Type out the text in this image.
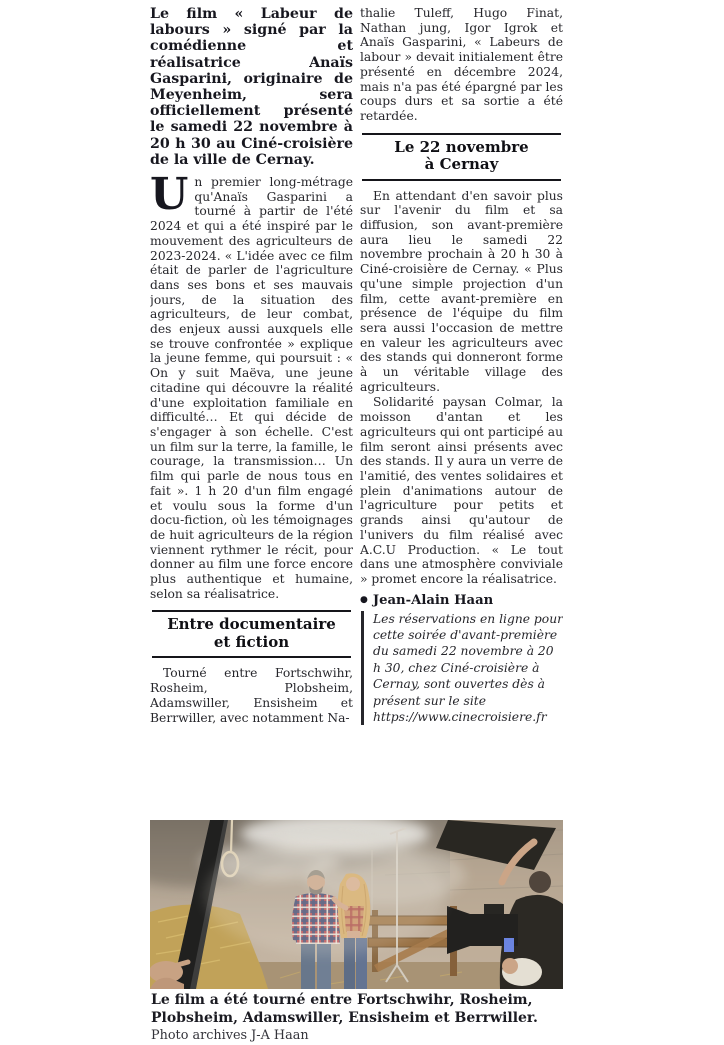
Le film « Labeur de labours » signé par la comédienne et réalisatrice Anaïs Gasparini, originaire de Meyenheim, sera officiellement présenté le samedi 22 novembre à 20 h 30 au Ciné-croisière de la ville de Cernay.

Un premier long-métrage qu'Anaïs Gasparini a tourné à partir de l'été 2024 et qui a été inspiré par le mouvement des agriculteurs de 2023-2024. « L'idée avec ce film était de parler de l'agriculture dans ses bons et ses mauvais jours, de la situation des agriculteurs, de leur combat, des enjeux aussi auxquels elle se trouve confrontée » explique la jeune femme, qui poursuit : « On y suit Maëva, une jeune citadine qui découvre la réalité d'une exploitation familiale en difficulté… Et qui décide de s'engager à son échelle. C'est un film sur la terre, la famille, le courage, la transmission… Un film qui parle de nous tous en fait ». 1 h 20 d'un film engagé et voulu sous la forme d'un docu-fiction, où les témoignages de huit agriculteurs de la région viennent rythmer le récit, pour donner au film une force encore plus authentique et humaine, selon sa réalisatrice.

Entre documentaire
et fiction

Tourné entre Fortschwihr, Rosheim, Plobsheim, Adamswiller, Ensisheim et Berrwiller, avec notamment Na-

thalie Tuleff, Hugo Finat, Nathan jung, Igor Igrok et Anaïs Gasparini, « Labeurs de labour » devait initialement être présenté en décembre 2024, mais n'a pas été épargné par les coups durs et sa sortie a été retardée.

Le 22 novembre
à Cernay

En attendant d'en savoir plus sur l'avenir du film et sa diffusion, son avant-première aura lieu le samedi 22 novembre prochain à 20 h 30 à Ciné-croisière de Cernay. « Plus qu'une simple projection d'un film, cette avant-première en présence de l'équipe du film sera aussi l'occasion de mettre en valeur les agriculteurs avec des stands qui donneront forme à un véritable village des agriculteurs.

Solidarité paysan Colmar, la moisson d'antan et les agriculteurs qui ont participé au film seront ainsi présents avec des stands. Il y aura un verre de l'amitié, des ventes solidaires et plein d'animations autour de l'agriculture pour petits et grands ainsi qu'autour de l'univers du film réalisé avec A.C.U Production. « Le tout dans une atmosphère conviviale » promet encore la réalisatrice.

● Jean-Alain Haan

Les réservations en ligne pour cette soirée d'avant-première du samedi 22 novembre à 20 h 30, chez Ciné-croisière à Cernay, sont ouvertes dès à présent sur le site https://www.cinecroisiere.fr

Le film a été tourné entre Fortschwihr, Rosheim, Plobsheim, Adamswiller, Ensisheim et Berrwiller. Photo archives J-A Haan
